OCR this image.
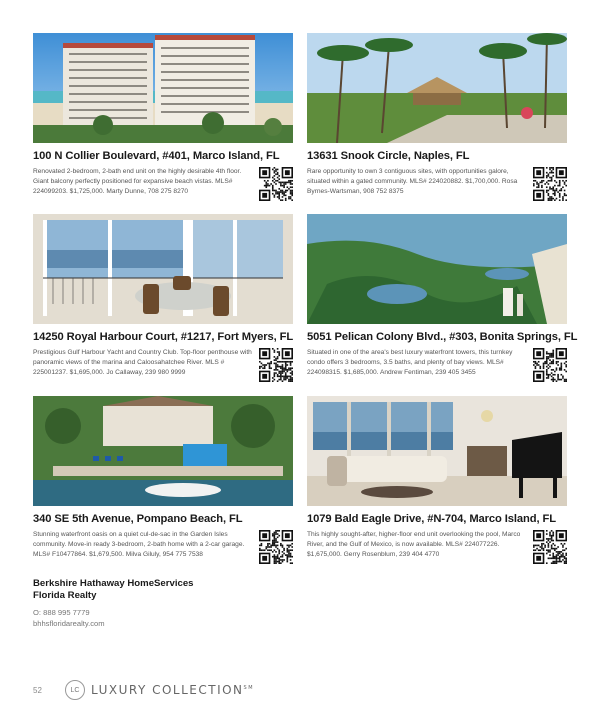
100 N Collier Boulevard, #401, Marco Island, FL
Renovated 2-bedroom, 2-bath end unit on the highly desirable 4th floor. Giant balcony perfectly positioned for expansive beach vistas. MLS# 224099203. $1,725,000. Marty Dunne, 708 275 8270
13631 Snook Circle, Naples, FL
Rare opportunity to own 3 contiguous sites, with opportunities galore, situated within a gated community. MLS# 224020882. $1,700,000. Rosa Byrnes-Wartsman, 908 752 8375
14250 Royal Harbour Court, #1217, Fort Myers, FL
Prestigious Gulf Harbour Yacht and Country Club. Top-floor penthouse with panoramic views of the marina and Caloosahatchee River. MLS # 225001237. $1,695,000. Jo Callaway, 239 980 9999
5051 Pelican Colony Blvd., #303, Bonita Springs, FL
Situated in one of the area's best luxury waterfront towers, this turnkey condo offers 3 bedrooms, 3.5 baths, and plenty of bay views. MLS# 224098315. $1,685,000. Andrew Fentiman, 239 405 3455
340 SE 5th Avenue, Pompano Beach, FL
Stunning waterfront oasis on a quiet cul-de-sac in the Garden Isles community. Move-in ready 3-bedroom, 2-bath home with a 2-car garage. MLS# F10477864. $1,679,500. Milva Giluly, 954 775 7538
1079 Bald Eagle Drive, #N-704, Marco Island, FL
This highly sought-after, higher-floor end unit overlooking the pool, Marco River, and the Gulf of Mexico, is now available. MLS# 224077226. $1,675,000. Gerry Rosenblum, 239 404 4770
Berkshire Hathaway HomeServices
Florida Realty
O: 888 995 7779
bhhsfloridarealty.com
52	LC LUXURY COLLECTION℠
